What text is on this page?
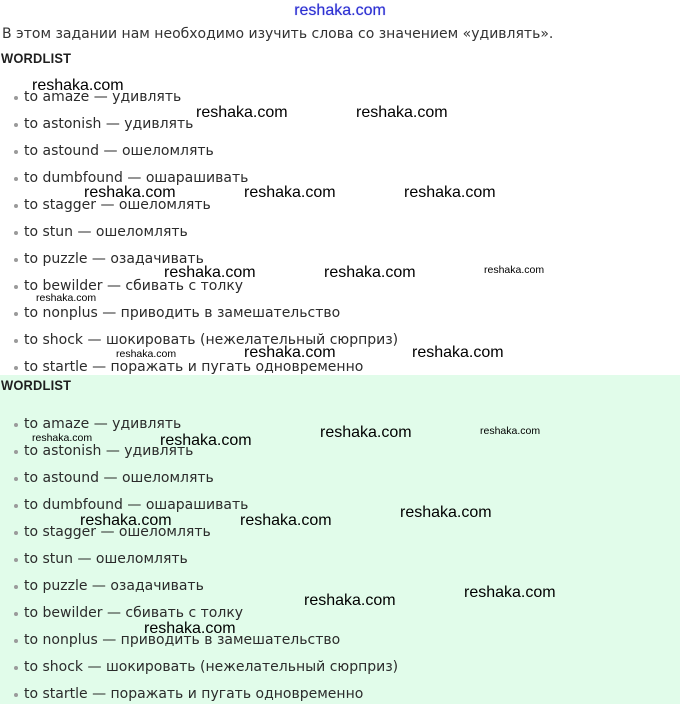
reshaka.com
В этом задании нам необходимо изучить слова со значением «удивлять».
WORDLIST
to amaze — удивлять
to astonish — удивлять
to astound — ошеломлять
to dumbfound — ошарашивать
to stagger — ошеломлять
to stun — ошеломлять
to puzzle — озадачивать
to bewilder — сбивать с толку
to nonplus — приводить в замешательство
to shock — шокировать (нежелательный сюрприз)
to startle — поражать и пугать одновременно
WORDLIST
to amaze — удивлять
to astonish — удивлять
to astound — ошеломлять
to dumbfound — ошарашивать
to stagger — ошеломлять
to stun — ошеломлять
to puzzle — озадачивать
to bewilder — сбивать с толку
to nonplus — приводить в замешательство
to shock — шокировать (нежелательный сюрприз)
to startle — поражать и пугать одновременно
reshaka.com
reshaka.com	reshaka.com
reshaka.com	reshaka.com	reshaka.com
reshaka.com	reshaka.com	reshaka.com
reshaka.com
reshaka.com	reshaka.com	reshaka.com
reshaka.com	reshaka.com	reshaka.com	reshaka.com
reshaka.com	reshaka.com	reshaka.com
reshaka.com	reshaka.com
reshaka.com
